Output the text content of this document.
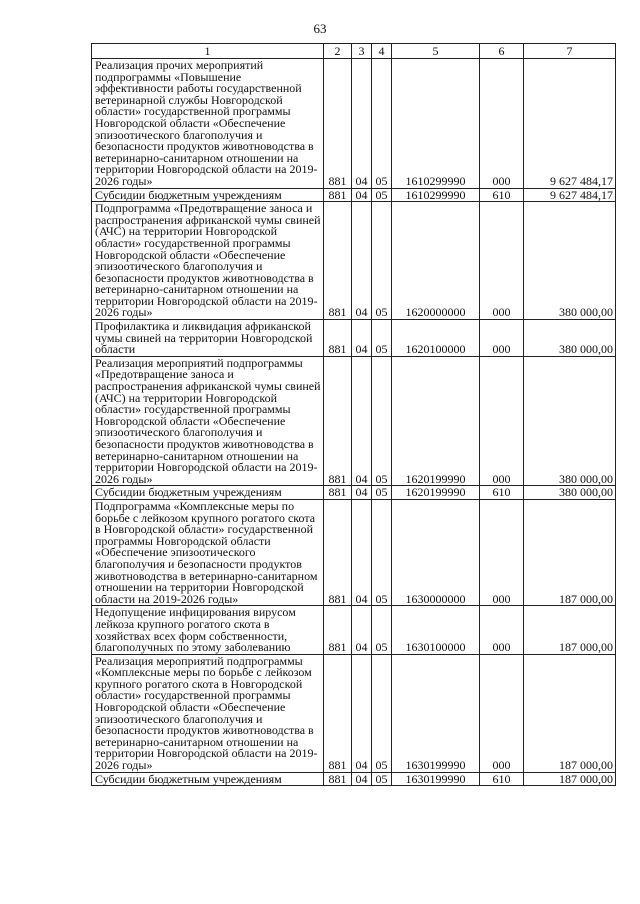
63
1	2	3	4	5	6	7
Реализация прочих мероприятий подпрограммы «Повышение эффективности работы государственной ветеринарной службы Новгородской области» государственной программы Новгородской области «Обеспечение эпизоотического благополучия и безопасности продуктов животноводства в ветеринарно-санитарном отношении на территории Новгородской области на 2019-2026 годы»	881	04	05	1610299990	000	9 627 484,17
Субсидии бюджетным учреждениям	881	04	05	1610299990	610	9 627 484,17
Подпрограмма «Предотвращение заноса и распространения африканской чумы свиней (АЧС) на территории Новгородской области» государственной программы Новгородской области «Обеспечение эпизоотического благополучия и безопасности продуктов животноводства в ветеринарно-санитарном отношении на территории Новгородской области на 2019-2026 годы»	881	04	05	1620000000	000	380 000,00
Профилактика и ликвидация африканской чумы свиней на территории Новгородской области	881	04	05	1620100000	000	380 000,00
Реализация мероприятий подпрограммы «Предотвращение заноса и распространения африканской чумы свиней (АЧС) на территории Новгородской области» государственной программы Новгородской области «Обеспечение эпизоотического благополучия и безопасности продуктов животноводства в ветеринарно-санитарном отношении на территории Новгородской области на 2019-2026 годы»	881	04	05	1620199990	000	380 000,00
Субсидии бюджетным учреждениям	881	04	05	1620199990	610	380 000,00
Подпрограмма «Комплексные меры по борьбе с лейкозом крупного рогатого скота в Новгородской области» государственной программы Новгородской области «Обеспечение эпизоотического благополучия и безопасности продуктов животноводства в ветеринарно-санитарном отношении на территории Новгородской области на 2019-2026 годы»	881	04	05	1630000000	000	187 000,00
Недопущение инфицирования вирусом лейкоза крупного рогатого скота в хозяйствах всех форм собственности, благополучных по этому заболеванию	881	04	05	1630100000	000	187 000,00
Реализация мероприятий подпрограммы «Комплексные меры по борьбе с лейкозом крупного рогатого скота в Новгородской области» государственной программы Новгородской области «Обеспечение эпизоотического благополучия и безопасности продуктов животноводства в ветеринарно-санитарном отношении на территории Новгородской области на 2019-2026 годы»	881	04	05	1630199990	000	187 000,00
Субсидии бюджетным учреждениям	881	04	05	1630199990	610	187 000,00
